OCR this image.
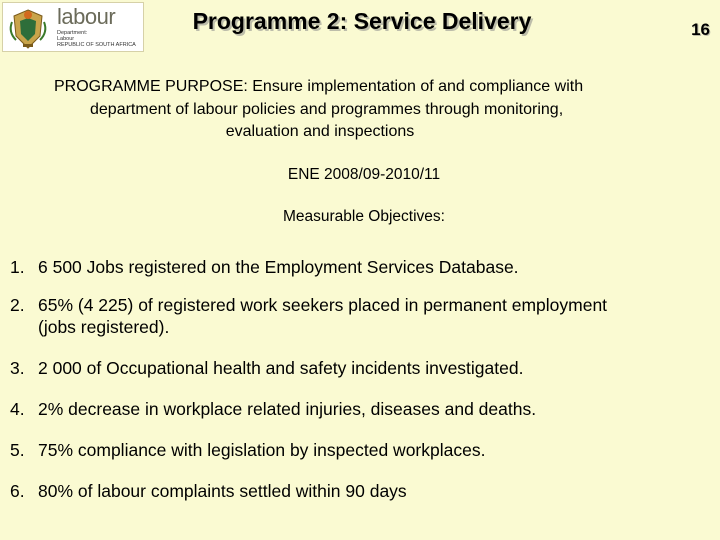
labour
Department:
Labour
REPUBLIC OF SOUTH AFRICA
Programme 2: Service Delivery	16
PROGRAMME PURPOSE: Ensure implementation of and compliance with
department of labour policies and programmes through monitoring,
evaluation and inspections
ENE 2008/09-2010/11
Measurable Objectives:
1. 6 500 Jobs registered on the Employment Services Database.
2. 65% (4 225) of registered work seekers placed in permanent employment
(jobs registered).
3. 2 000 of Occupational health and safety incidents investigated.
4. 2% decrease in workplace related injuries, diseases and deaths.
5. 75% compliance with legislation by inspected workplaces.
6. 80% of labour complaints settled within 90 days
